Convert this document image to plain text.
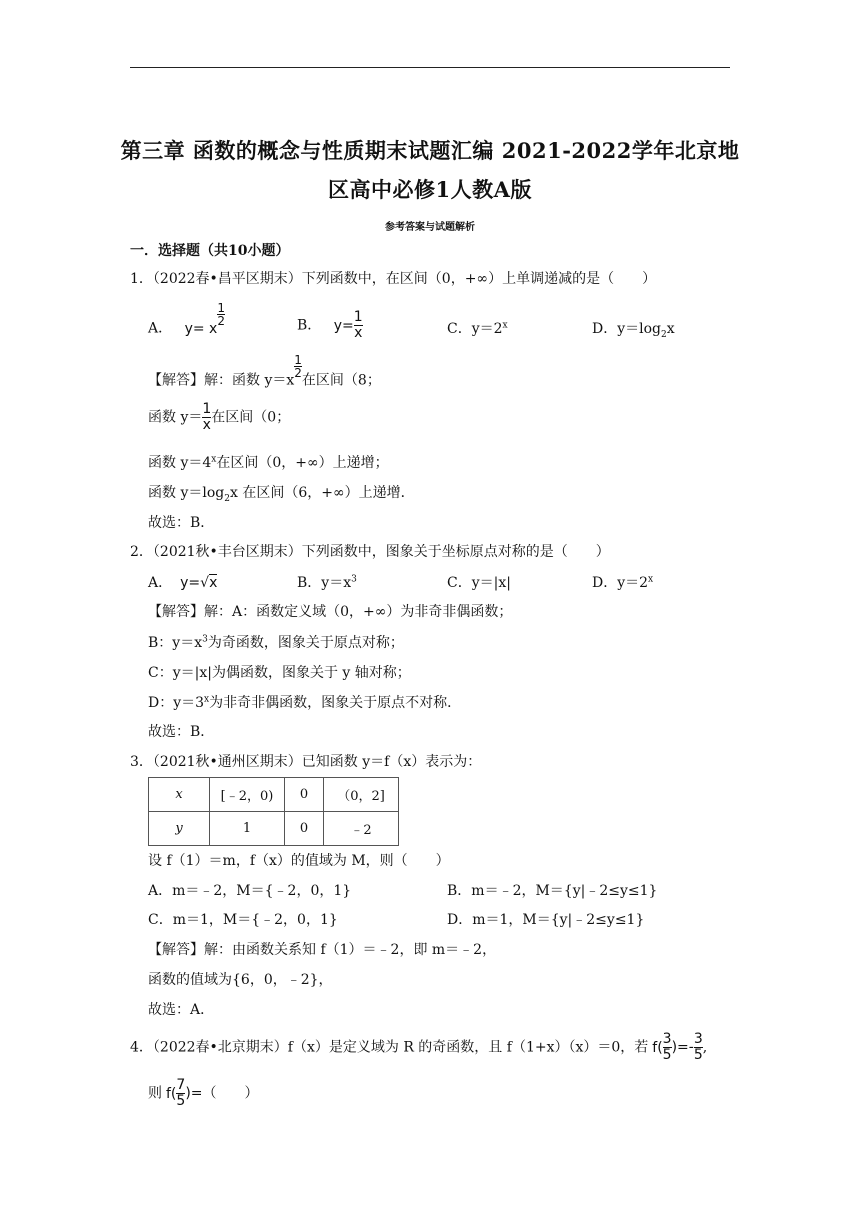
第三章 函数的概念与性质期末试题汇编 2021-2022学年北京地
区高中必修1人教A版
参考答案与试题解析
一．选择题（共10小题）
1．（2022春•昌平区期末）下列函数中，在区间（0，+∞）上单调递减的是（　　）
A． y= x
$\frac{1}{2}$	B． $y= \frac{1}{x}$	C．$y=2^x$	D．$y=\log_2x$
【解答】解：函数 y＝x
$\frac{1}{2}$
在区间（8；
函数 $y= \frac{1}{x}$ 在区间（0；
函数 $y=4^x$在区间（0，+∞）上递增；
函数 $y=\log_2x$ 在区间（6，+∞）上递增．
故选：B．
2．（2021秋•丰台区期末）下列函数中，图象关于坐标原点对称的是（　　）
A． y=√x	B．$y=x^3$	C．y＝|x|	D．$y=2^x$
【解答】解：A：函数定义域（0，+∞）为非奇非偶函数；
B：$y=x^3$为奇函数，图象关于原点对称；
C：y＝|x|为偶函数，图象关于 y 轴对称；
D：$y=3^x$为非奇非偶函数，图象关于原点不对称．
故选：B．
3．（2021秋•通州区期末）已知函数 y＝f（x）表示为：
x	[﹣2，0)	0	（0，2]
y	1	0	﹣2
设 f（1）＝m，f（x）的值域为 M，则（　　）
A．m＝﹣2，M＝{﹣2，0，1}	B．m＝﹣2，M＝{y|﹣2≤y≤1}
C．m＝1，M＝{﹣2，0，1}	D．m＝1，M＝{y|﹣2≤y≤1}
【解答】解：由函数关系知 f（1）＝﹣2，即 m＝﹣2，
函数的值域为{6，0，﹣2}，
故选：A．
4．（2022春•北京期末）f（x）是定义域为 R 的奇函数，且 f（1+x）（x）＝0，若 $f( \frac{3}{5}$ )=- $\frac{3}{5}$ ,
则 $f( \frac{7}{5}$ )=（　　）
